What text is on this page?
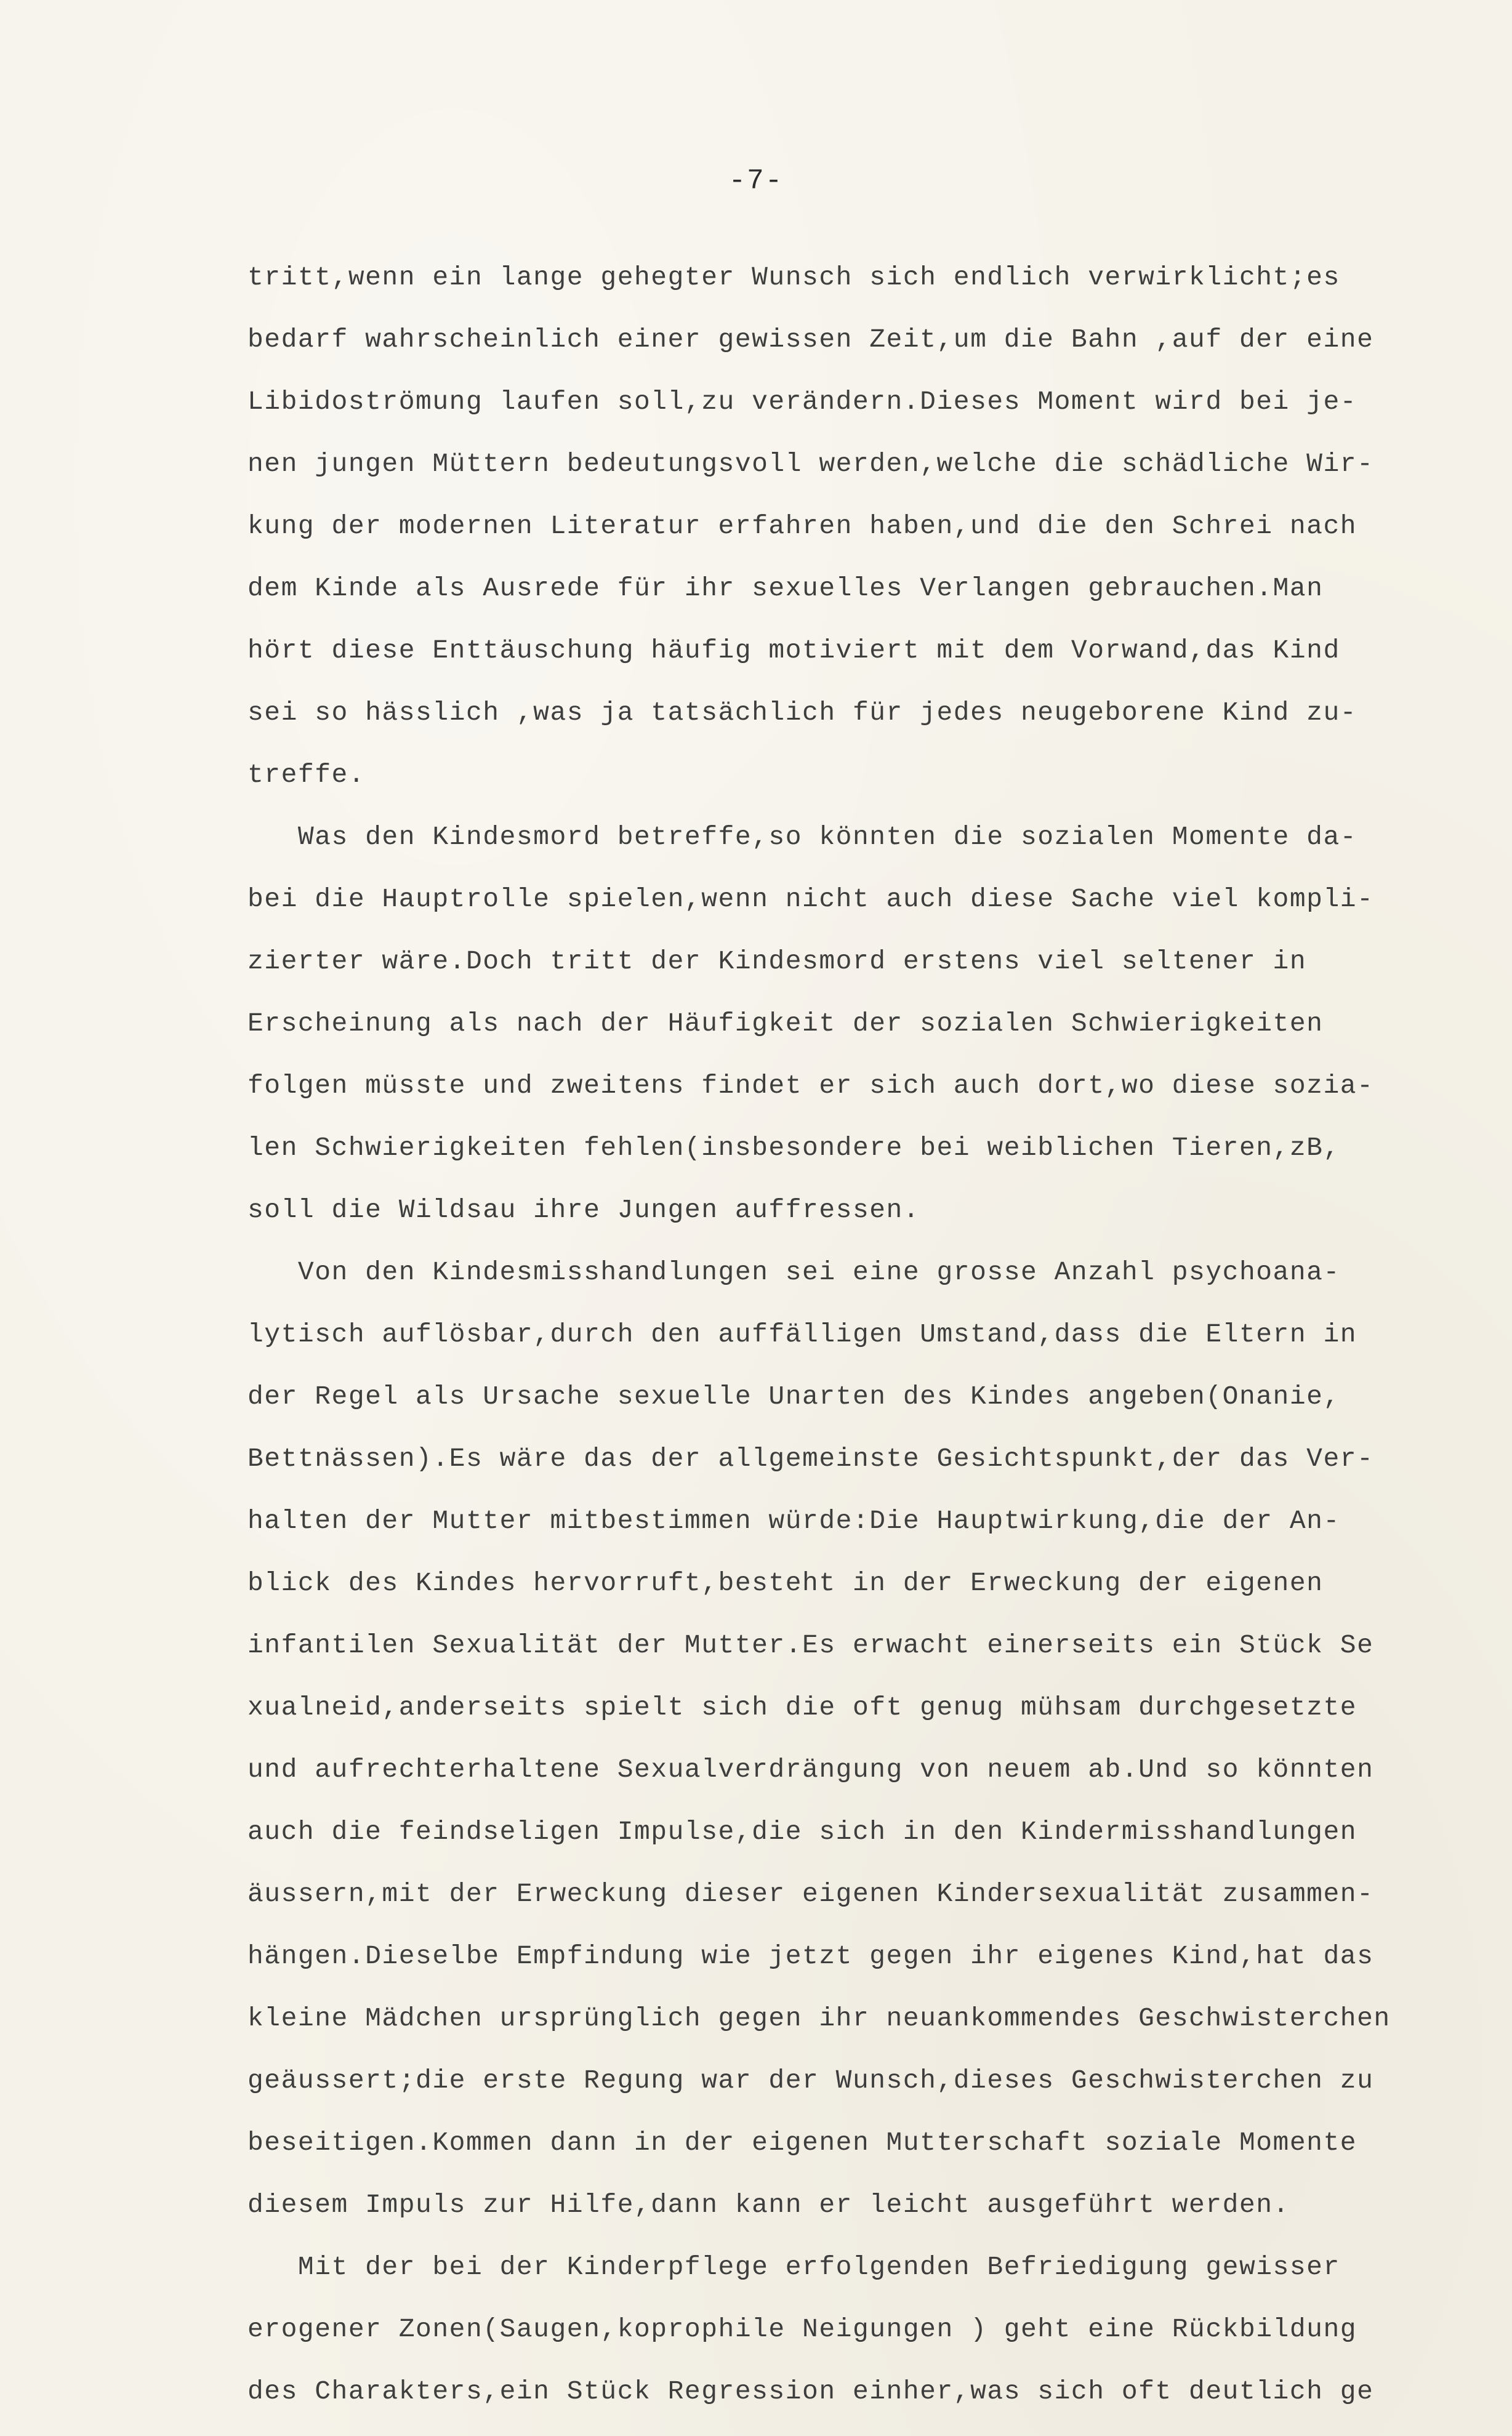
-7-
tritt,wenn ein lange gehegter Wunsch sich endlich verwirklicht;es
bedarf wahrscheinlich einer gewissen Zeit,um die Bahn ,auf der eine
Libidoströmung laufen soll,zu verändern.Dieses Moment wird bei je-
nen jungen Müttern bedeutungsvoll werden,welche die schädliche Wir-
kung der modernen Literatur erfahren haben,und die den Schrei nach
dem Kinde als Ausrede für ihr sexuelles Verlangen gebrauchen.Man
hört diese Enttäuschung häufig motiviert mit dem Vorwand,das Kind
sei so hässlich ,was ja tatsächlich für jedes neugeborene Kind zu-
treffe.
Was den Kindesmord betreffe,so könnten die sozialen Momente da-
bei die Hauptrolle spielen,wenn nicht auch diese Sache viel kompli-
zierter wäre.Doch tritt der Kindesmord erstens viel seltener in
Erscheinung als nach der Häufigkeit der sozialen Schwierigkeiten
folgen müsste und zweitens findet er sich auch dort,wo diese sozia-
len Schwierigkeiten fehlen(insbesondere bei weiblichen Tieren,zB,
soll die Wildsau ihre Jungen auffressen.
Von den Kindesmisshandlungen sei eine grosse Anzahl psychoana-
lytisch auflösbar,durch den auffälligen Umstand,dass die Eltern in
der Regel als Ursache sexuelle Unarten des Kindes angeben(Onanie,
Bettnässen).Es wäre das der allgemeinste Gesichtspunkt,der das Ver-
halten der Mutter mitbestimmen würde:Die Hauptwirkung,die der An-
blick des Kindes hervorruft,besteht in der Erweckung der eigenen
infantilen Sexualität der Mutter.Es erwacht einerseits ein Stück Se
xualneid,anderseits spielt sich die oft genug mühsam durchgesetzte
und aufrechterhaltene Sexualverdrängung von neuem ab.Und so könnten
auch die feindseligen Impulse,die sich in den Kindermisshandlungen
äussern,mit der Erweckung dieser eigenen Kindersexualität zusammen-
hängen.Dieselbe Empfindung wie jetzt gegen ihr eigenes Kind,hat das
kleine Mädchen ursprünglich gegen ihr neuankommendes Geschwisterchen
geäussert;die erste Regung war der Wunsch,dieses Geschwisterchen zu
beseitigen.Kommen dann in der eigenen Mutterschaft soziale Momente
diesem Impuls zur Hilfe,dann kann er leicht ausgeführt werden.
Mit der bei der Kinderpflege erfolgenden Befriedigung gewisser
erogener Zonen(Saugen,koprophile Neigungen ) geht eine Rückbildung
des Charakters,ein Stück Regression einher,was sich oft deutlich ge
